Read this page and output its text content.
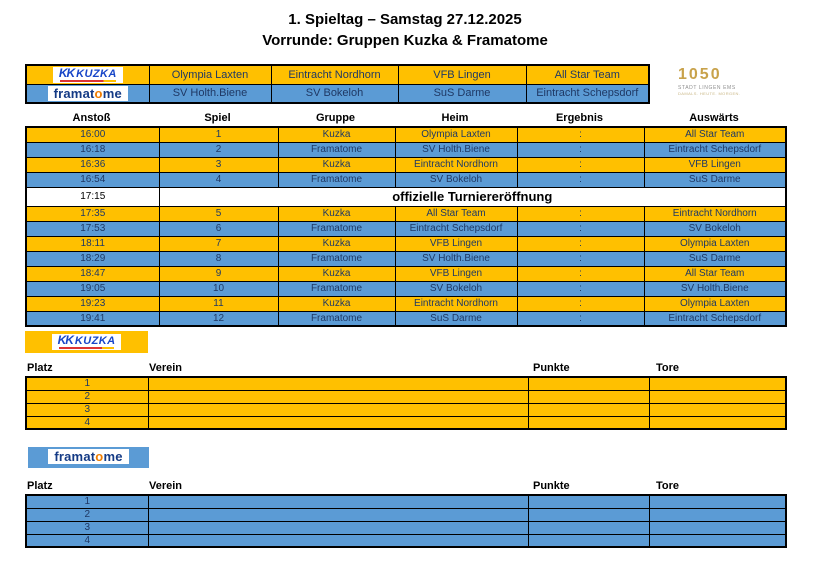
1. Spieltag – Samstag 27.12.2025
Vorrunde: Gruppen Kuzka & Framatome
KK KUZKA	Olympia Laxten	Eintracht Nordhorn	VFB Lingen	All Star Team
framatome	SV Holth.Biene	SV Bokeloh	SuS Darme	Eintracht Schepsdorf
1050
STADT LINGEN EMS
DAMALS. HEUTE. MORGEN.
Anstoß	Spiel	Gruppe	Heim	Ergebnis	Auswärts
16:00	1	Kuzka	Olympia Laxten	:	All Star Team
16:18	2	Framatome	SV Holth.Biene	:	Eintracht Schepsdorf
16:36	3	Kuzka	Eintracht Nordhorn	:	VFB Lingen
16:54	4	Framatome	SV Bokeloh	:	SuS Darme
17:15	offizielle Turniereröffnung				
17:35	5	Kuzka	All Star Team	:	Eintracht Nordhorn
17:53	6	Framatome	Eintracht Schepsdorf	:	SV Bokeloh
18:11	7	Kuzka	VFB Lingen	:	Olympia Laxten
18:29	8	Framatome	SV Holth.Biene	:	SuS Darme
18:47	9	Kuzka	VFB Lingen	:	All Star Team
19:05	10	Framatome	SV Bokeloh	:	SV Holth.Biene
19:23	11	Kuzka	Eintracht Nordhorn	:	Olympia Laxten
19:41	12	Framatome	SuS Darme	:	Eintracht Schepsdorf
KK KUZKA
Platz	Verein	Punkte	Tore
1			
2			
3			
4			
framatome
Platz	Verein	Punkte	Tore
1			
2			
3			
4			
